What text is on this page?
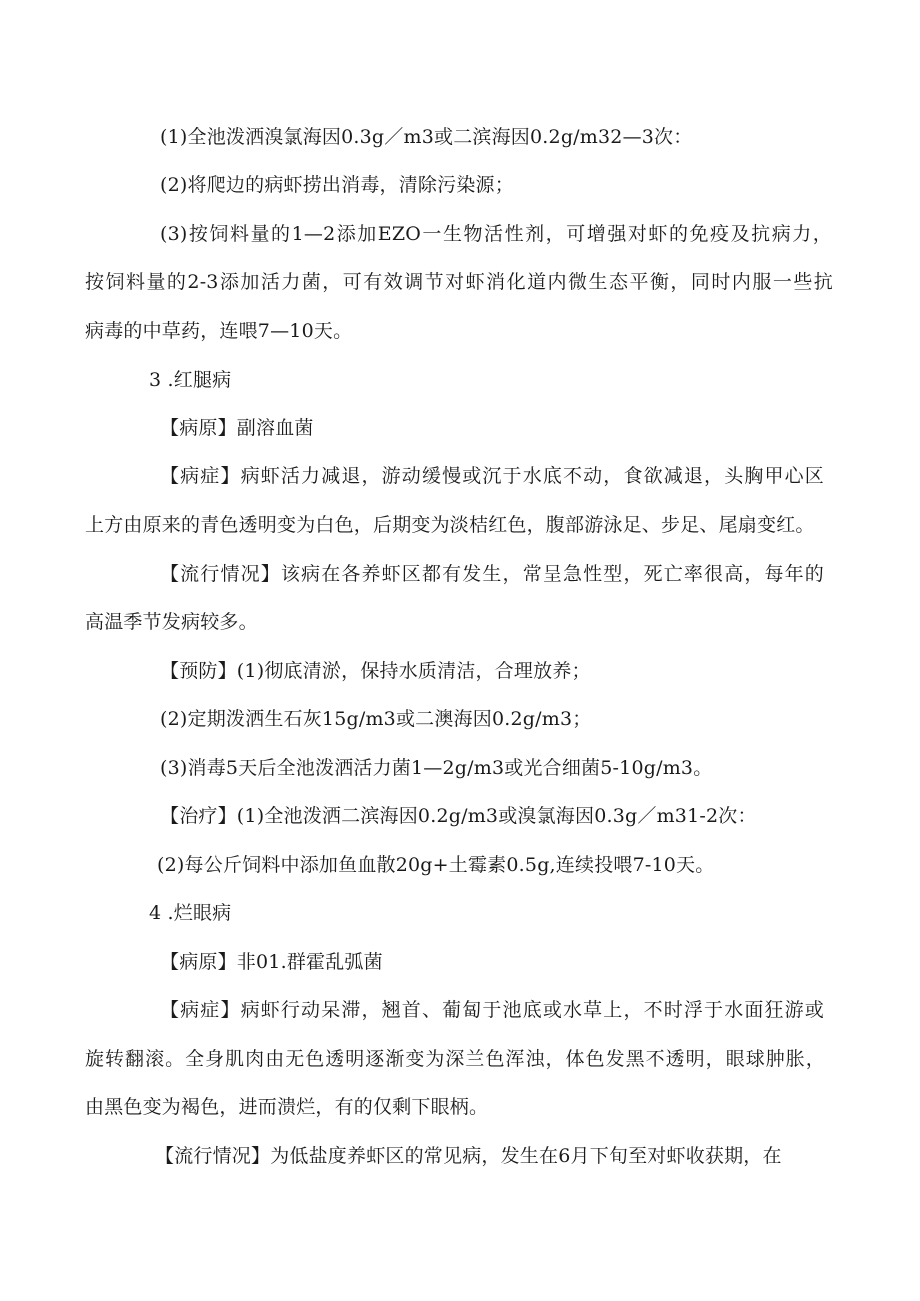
(1)全池泼洒溴氯海因0.3g／m3或二滨海因0.2g/m32—3次：
(2)将爬边的病虾捞出消毒，清除污染源；
(3)按饲料量的1—2添加EZO一生物活性剂，可增强对虾的免疫及抗病力，
按饲料量的2-3添加活力菌，可有效调节对虾消化道内微生态平衡，同时内服一些抗
病毒的中草药，连喂7—10天。
3 .红腿病
【病原】副溶血菌
【病症】病虾活力减退，游动缓慢或沉于水底不动，食欲减退，头胸甲心区
上方由原来的青色透明变为白色，后期变为淡桔红色，腹部游泳足、步足、尾扇变红。
【流行情况】该病在各养虾区都有发生，常呈急性型，死亡率很高，每年的
高温季节发病较多。
【预防】(1)彻底清淤，保持水质清洁，合理放养；
(2)定期泼洒生石灰15g/m3或二澳海因0.2g/m3；
(3)消毒5天后全池泼洒活力菌1—2g/m3或光合细菌5-10g/m3。
【治疗】(1)全池泼洒二滨海因0.2g/m3或溴氯海因0.3g／m31-2次：
(2)每公斤饲料中添加鱼血散20g+土霉素0.5g,连续投喂7-10天。
4 .烂眼病
【病原】非01.群霍乱弧菌
【病症】病虾行动呆滞，翘首、葡匐于池底或水草上，不时浮于水面狂游或
旋转翻滚。全身肌肉由无色透明逐渐变为深兰色浑浊，体色发黑不透明，眼球肿胀，
由黑色变为褐色，进而溃烂，有的仅剩下眼柄。
【流行情况】为低盐度养虾区的常见病，发生在6月下旬至对虾收获期，在
